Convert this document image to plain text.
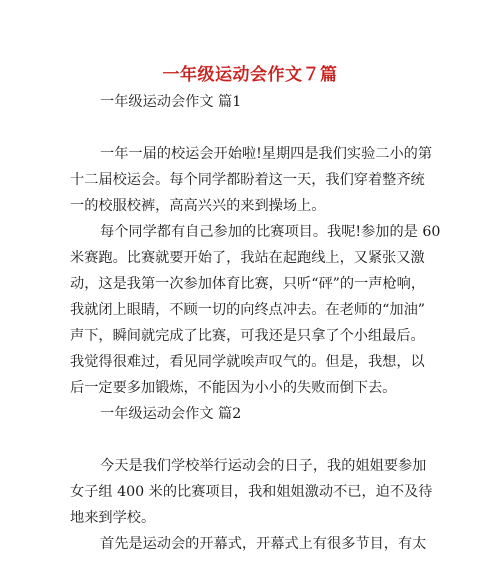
一年级运动会作文７篇
一年级运动会作文 篇1
一年一届的校运会开始啦!星期四是我们实验二小的第
十二届校运会。每个同学都盼着这一天，我们穿着整齐统
一的校服校裤，高高兴兴的来到操场上。
每个同学都有自己参加的比赛项目。我呢!参加的是 60
米赛跑。比赛就要开始了，我站在起跑线上，又紧张又激
动，这是我第一次参加体育比赛，只听“砰”的一声枪响，
我就闭上眼睛，不顾一切的向终点冲去。在老师的“加油”
声下，瞬间就完成了比赛，可我还是只拿了个小组最后。
我觉得很难过，看见同学就唉声叹气的。但是，我想，以
后一定要多加锻炼，不能因为小小的失败而倒下去。
一年级运动会作文 篇2
今天是我们学校举行运动会的日子，我的姐姐要参加
女子组 400 米的比赛项目，我和姐姐激动不已，迫不及待
地来到学校。
首先是运动会的开幕式，开幕式上有很多节目，有太
